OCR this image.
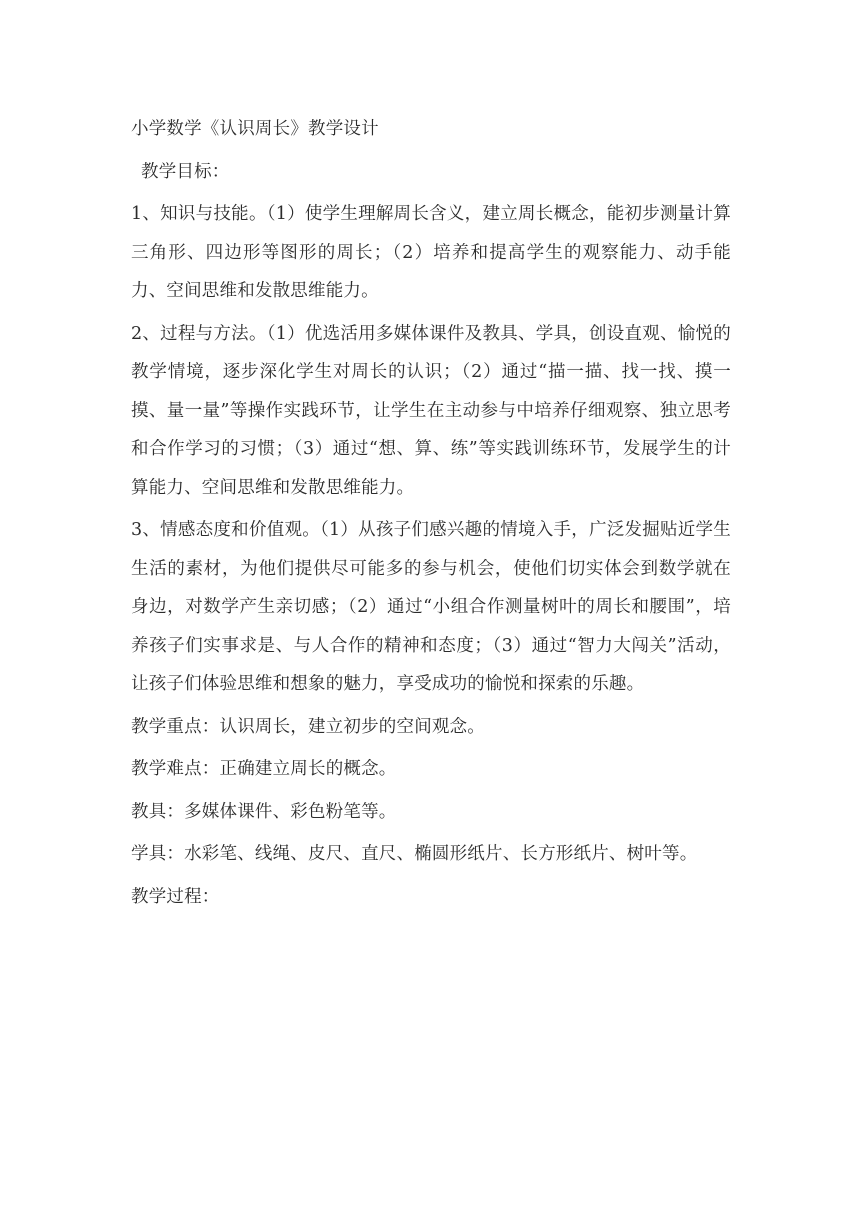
小学数学《认识周长》教学设计

教学目标：

1、知识与技能。（1）使学生理解周长含义，建立周长概念，能初步测量计算三角形、四边形等图形的周长；（2）培养和提高学生的观察能力、动手能力、空间思维和发散思维能力。

2、过程与方法。（1）优选活用多媒体课件及教具、学具，创设直观、愉悦的教学情境，逐步深化学生对周长的认识；（2）通过“描一描、找一找、摸一摸、量一量”等操作实践环节，让学生在主动参与中培养仔细观察、独立思考和合作学习的习惯；（3）通过“想、算、练”等实践训练环节，发展学生的计算能力、空间思维和发散思维能力。

3、情感态度和价值观。（1）从孩子们感兴趣的情境入手，广泛发掘贴近学生生活的素材，为他们提供尽可能多的参与机会，使他们切实体会到数学就在身边，对数学产生亲切感；（2）通过“小组合作测量树叶的周长和腰围”，培养孩子们实事求是、与人合作的精神和态度；（3）通过“智力大闯关”活动，让孩子们体验思维和想象的魅力，享受成功的愉悦和探索的乐趣。

教学重点：认识周长，建立初步的空间观念。

教学难点：正确建立周长的概念。

教具：多媒体课件、彩色粉笔等。

学具：水彩笔、线绳、皮尺、直尺、椭圆形纸片、长方形纸片、树叶等。

教学过程：
